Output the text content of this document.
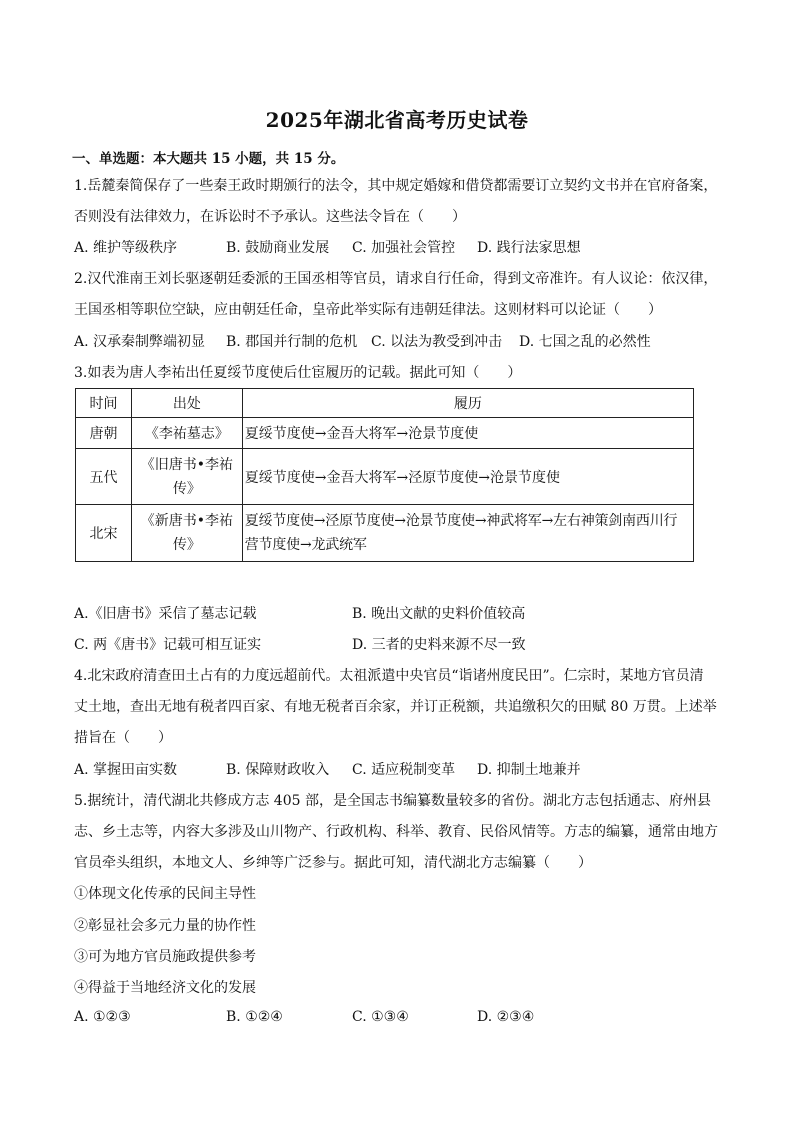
2025年湖北省高考历史试卷
一、单选题：本大题共 15 小题，共 15 分。
1.岳麓秦简保存了一些秦王政时期颁行的法令，其中规定婚嫁和借贷都需要订立契约文书并在官府备案，
否则没有法律效力，在诉讼时不予承认。这些法令旨在（　　）
A. 维护等级秩序	B. 鼓励商业发展 C. 加强社会管控 D. 践行法家思想
2.汉代淮南王刘长驱逐朝廷委派的王国丞相等官员，请求自行任命，得到文帝准许。有人议论：依汉律，
王国丞相等职位空缺，应由朝廷任命，皇帝此举实际有违朝廷律法。这则材料可以论证（　　）
A. 汉承秦制弊端初显 B. 郡国并行制的危机 C. 以法为教受到冲击 D. 七国之乱的必然性
3.如表为唐人李祐出任夏绥节度使后仕宦履历的记载。据此可知（　　）
时间	出处	履历
唐朝	《李祐墓志》	夏绥节度使→金吾大将军→沧景节度使
五代	《旧唐书•李祐传》	夏绥节度使→金吾大将军→泾原节度使→沧景节度使
北宋	《新唐书•李祐传》	夏绥节度使→泾原节度使→沧景节度使→神武将军→左右神策剑南西川行营节度使→龙武统军
A.《旧唐书》采信了墓志记载	B. 晚出文献的史料价值较高
C. 两《唐书》记载可相互证实	D. 三者的史料来源不尽一致
4.北宋政府清查田土占有的力度远超前代。太祖派遣中央官员“诣诸州度民田”。仁宗时，某地方官员清
丈土地，查出无地有税者四百家、有地无税者百余家，并订正税额，共追缴积欠的田赋 80 万贯。上述举
措旨在（　　）
A. 掌握田亩实数	B. 保障财政收入 C. 适应税制变革 D. 抑制土地兼并
5.据统计，清代湖北共修成方志 405 部，是全国志书编纂数量较多的省份。湖北方志包括通志、府州县
志、乡土志等，内容大多涉及山川物产、行政机构、科举、教育、民俗风情等。方志的编纂，通常由地方
官员牵头组织，本地文人、乡绅等广泛参与。据此可知，清代湖北方志编纂（　　）
①体现文化传承的民间主导性
②彰显社会多元力量的协作性
③可为地方官员施政提供参考
④得益于当地经济文化的发展
A. ①②③	B. ①②④	C. ①③④	D. ②③④
